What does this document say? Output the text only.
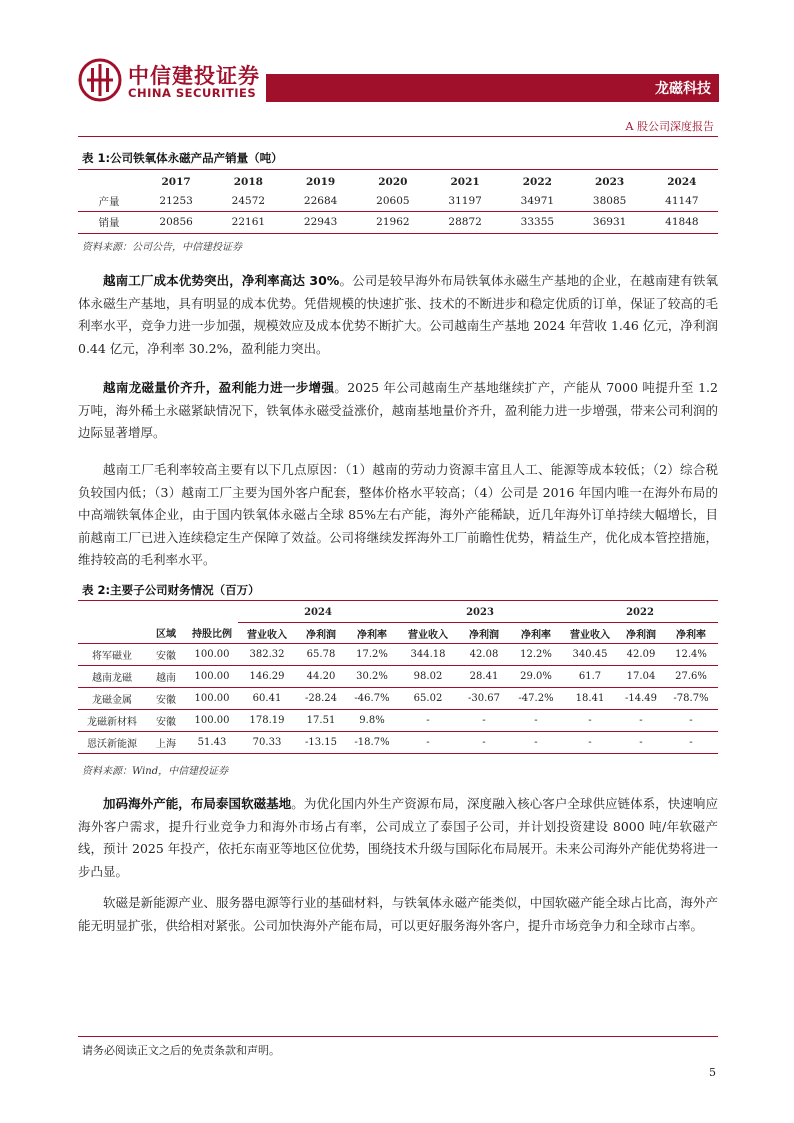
中信建投证券
CHINA SECURITIES	龙磁科技
A 股公司深度报告
表 1:公司铁氧体永磁产品产销量（吨）
	2017	2018	2019	2020	2021	2022	2023	2024
产量	21253	24572	22684	20605	31197	34971	38085	41147
销量	20856	22161	22943	21962	28872	33355	36931	41848
资料来源：公司公告，中信建投证券
越南工厂成本优势突出，净利率高达 30%。公司是较早海外布局铁氧体永磁生产基地的企业，在越南建有铁氧体永磁生产基地，具有明显的成本优势。凭借规模的快速扩张、技术的不断进步和稳定优质的订单，保证了较高的毛利率水平，竞争力进一步加强，规模效应及成本优势不断扩大。公司越南生产基地 2024 年营收 1.46 亿元，净利润 0.44 亿元，净利率 30.2%，盈利能力突出。
越南龙磁量价齐升，盈利能力进一步增强。2025 年公司越南生产基地继续扩产，产能从 7000 吨提升至 1.2 万吨，海外稀土永磁紧缺情况下，铁氧体永磁受益涨价，越南基地量价齐升，盈利能力进一步增强，带来公司利润的边际显著增厚。
越南工厂毛利率较高主要有以下几点原因：（1）越南的劳动力资源丰富且人工、能源等成本较低；（2）综合税负较国内低；（3）越南工厂主要为国外客户配套，整体价格水平较高；（4）公司是 2016 年国内唯一在海外布局的中高端铁氧体企业，由于国内铁氧体永磁占全球 85%左右产能，海外产能稀缺，近几年海外订单持续大幅增长，目前越南工厂已进入连续稳定生产保障了效益。公司将继续发挥海外工厂前瞻性优势，精益生产，优化成本管控措施，维持较高的毛利率水平。
表 2:主要子公司财务情况（百万）
			2024			2023			2022		
	区域	持股比例	营业收入	净利润	净利率	营业收入	净利润	净利率	营业收入	净利润	净利率
将军磁业	安徽	100.00	382.32	65.78	17.2%	344.18	42.08	12.2%	340.45	42.09	12.4%
越南龙磁	越南	100.00	146.29	44.20	30.2%	98.02	28.41	29.0%	61.7	17.04	27.6%
龙磁金属	安徽	100.00	60.41	-28.24	-46.7%	65.02	-30.67	-47.2%	18.41	-14.49	-78.7%
龙磁新材料	安徽	100.00	178.19	17.51	9.8%	-	-	-	-	-	-
恩沃新能源	上海	51.43	70.33	-13.15	-18.7%	-	-	-	-	-	-
资料来源：Wind，中信建投证券
加码海外产能，布局泰国软磁基地。为优化国内外生产资源布局，深度融入核心客户全球供应链体系，快速响应海外客户需求，提升行业竞争力和海外市场占有率，公司成立了泰国子公司，并计划投资建设 8000 吨/年软磁产线，预计 2025 年投产，依托东南亚等地区位优势，围绕技术升级与国际化布局展开。未来公司海外产能优势将进一步凸显。
软磁是新能源产业、服务器电源等行业的基础材料，与铁氧体永磁产能类似，中国软磁产能全球占比高，海外产能无明显扩张，供给相对紧张。公司加快海外产能布局，可以更好服务海外客户，提升市场竞争力和全球市占率。
请务必阅读正文之后的免责条款和声明。
5
